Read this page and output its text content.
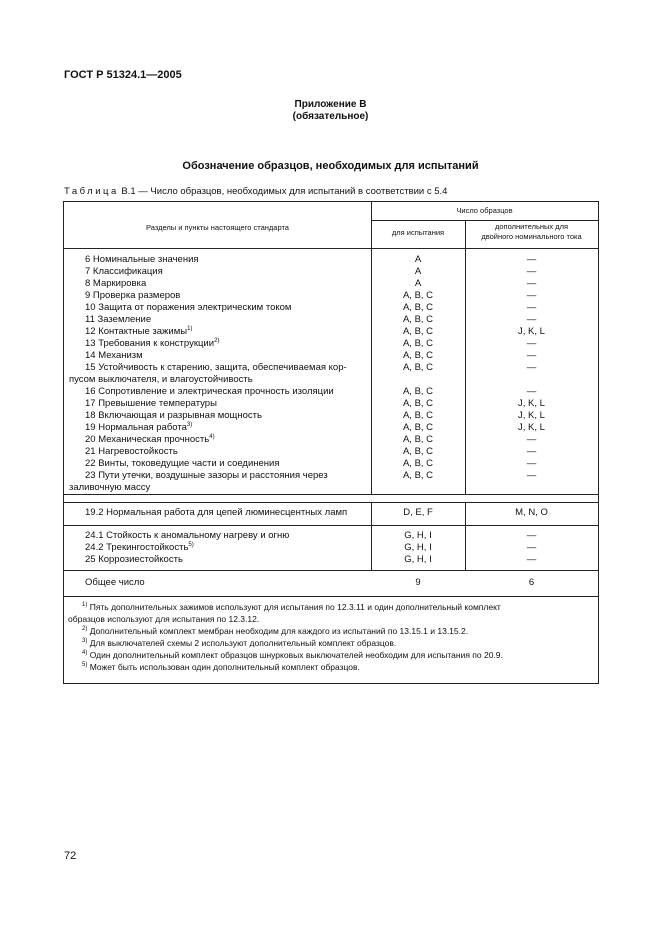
ГОСТ Р 51324.1—2005
Приложение В
(обязательное)
Обозначение образцов, необходимых для испытаний
Таблица В.1 — Число образцов, необходимых для испытаний в соответствии с 5.4
Разделы и пункты настоящего стандарта
Число образцов
для испытания
дополнительных для
двойного номинального тока
6 Номинальные значения	A	—
7 Классификация	A	—
8 Маркировка	A	—
9 Проверка размеров	A, B, C	—
10 Защита от поражения электрическим током	A, B, C	—
11 Заземление	A, B, C	—
12 Контактные зажимы$^{1)}$	A, B, C	J, K, L
13 Требования к конструкции$^{2)}$	A, B, C	—
14 Механизм	A, B, C	—
15 Устойчивость к старению, защита, обеспечиваемая кор-	A, B, C	—
пусом выключателя, и влагоустойчивость
16 Сопротивление и электрическая прочность изоляции	A, B, C	—
17 Превышение температуры	A, B, C	J, K, L
18 Включающая и разрывная мощность	A, B, C	J, K, L
19 Нормальная работа$^{3)}$	A, B, C	J, K, L
20 Механическая прочность$^{4)}$	A, B, C	—
21 Нагревостойкость	A, B, C	—
22 Винты, токоведущие части и соединения	A, B, C	—
23 Пути утечки, воздушные зазоры и расстояния через	A, B, C	—
заливочную массу
19.2 Нормальная работа для цепей люминесцентных ламп	D, E, F	M, N, O
24.1 Стойкость к аномальному нагреву и огню	G, H, I	—
24.2 Трекингостойкость$^{5)}$	G, H, I	—
25 Коррозиестойкость	G, H, I	—
Общее число	9	6
$^{1)}$ Пять дополнительных зажимов используют для испытания по 12.3.11 и один дополнительный комплект
образцов используют для испытания по 12.3.12.
$^{2)}$ Дополнительный комплект мембран необходим для каждого из испытаний по 13.15.1 и 13.15.2.
$^{3)}$ Для выключателей схемы 2 используют дополнительный комплект образцов.
$^{4)}$ Один дополнительный комплект образцов шнурковых выключателей необходим для испытания по 20.9.
$^{5)}$ Может быть использован один дополнительный комплект образцов.
72
